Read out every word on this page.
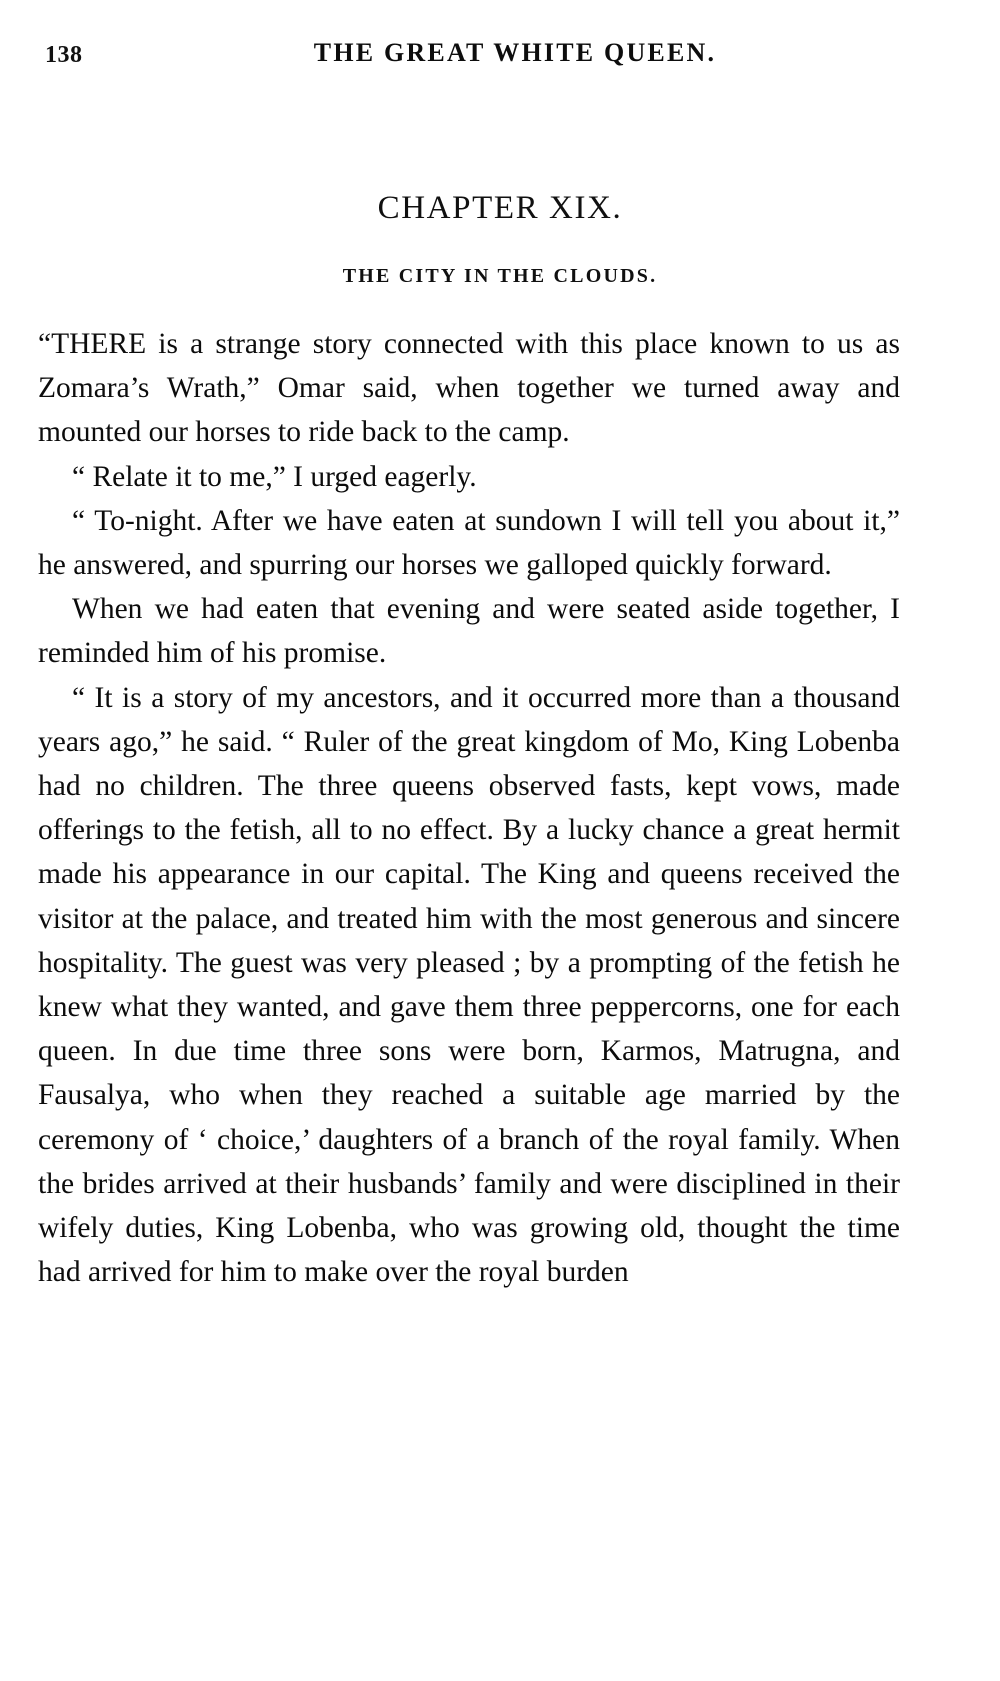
138	THE GREAT WHITE QUEEN.
CHAPTER XIX.
THE CITY IN THE CLOUDS.

“THERE is a strange story connected with this place known to us as Zomara’s Wrath,” Omar said, when together we turned away and mounted our horses to ride back to the camp.

“ Relate it to me,” I urged eagerly.

“ To-night. After we have eaten at sundown I will tell you about it,” he answered, and spurring our horses we galloped quickly forward.

When we had eaten that evening and were seated aside together, I reminded him of his promise.

“ It is a story of my ancestors, and it occurred more than a thousand years ago,” he said. “ Ruler of the great kingdom of Mo, King Lobenba had no children. The three queens observed fasts, kept vows, made offerings to the fetish, all to no effect. By a lucky chance a great hermit made his appearance in our capital. The King and queens received the visitor at the palace, and treated him with the most generous and sincere hospitality. The guest was very pleased ; by a prompting of the fetish he knew what they wanted, and gave them three peppercorns, one for each queen. In due time three sons were born, Karmos, Matrugna, and Fausalya, who when they reached a suitable age married by the ceremony of ‘ choice,’ daughters of a branch of the royal family. When the brides arrived at their husbands’ family and were disciplined in their wifely duties, King Lobenba, who was growing old, thought the time had arrived for him to make over the royal burden
